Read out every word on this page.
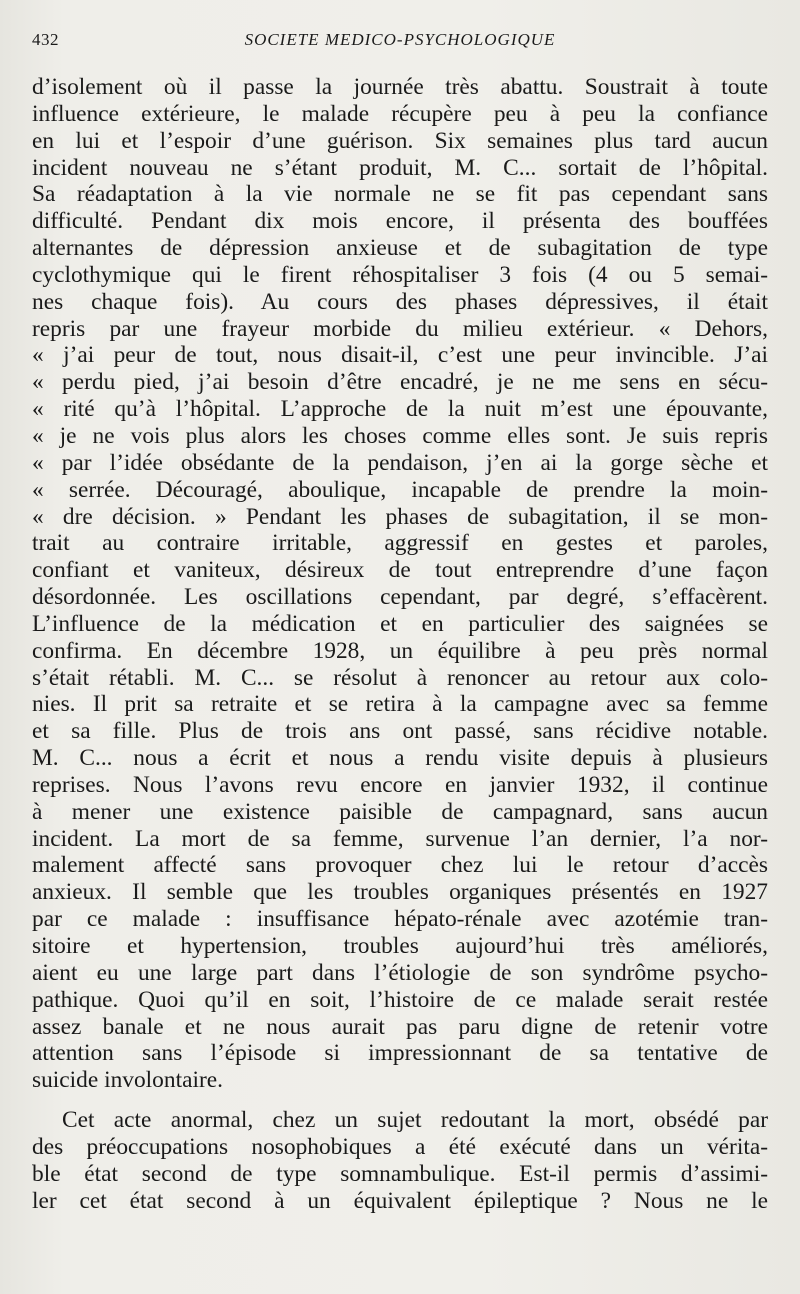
432	SOCIETE MEDICO-PSYCHOLOGIQUE
d’isolement où il passe la journée très abattu. Soustrait à toute
influence extérieure, le malade récupère peu à peu la confiance
en lui et l’espoir d’une guérison. Six semaines plus tard aucun
incident nouveau ne s’étant produit, M. C... sortait de l’hôpital.
Sa réadaptation à la vie normale ne se fit pas cependant sans
difficulté. Pendant dix mois encore, il présenta des bouffées
alternantes de dépression anxieuse et de subagitation de type
cyclothymique qui le firent réhospitaliser 3 fois (4 ou 5 semai-
nes chaque fois). Au cours des phases dépressives, il était
repris par une frayeur morbide du milieu extérieur. « Dehors,
« j’ai peur de tout, nous disait-il, c’est une peur invincible. J’ai
« perdu pied, j’ai besoin d’être encadré, je ne me sens en sécu-
« rité qu’à l’hôpital. L’approche de la nuit m’est une épouvante,
« je ne vois plus alors les choses comme elles sont. Je suis repris
« par l’idée obsédante de la pendaison, j’en ai la gorge sèche et
« serrée. Découragé, aboulique, incapable de prendre la moin-
« dre décision. » Pendant les phases de subagitation, il se mon-
trait au contraire irritable, aggressif en gestes et paroles,
confiant et vaniteux, désireux de tout entreprendre d’une façon
désordonnée. Les oscillations cependant, par degré, s’effacèrent.
L’influence de la médication et en particulier des saignées se
confirma. En décembre 1928, un équilibre à peu près normal
s’était rétabli. M. C... se résolut à renoncer au retour aux colo-
nies. Il prit sa retraite et se retira à la campagne avec sa femme
et sa fille. Plus de trois ans ont passé, sans récidive notable.
M. C... nous a écrit et nous a rendu visite depuis à plusieurs
reprises. Nous l’avons revu encore en janvier 1932, il continue
à mener une existence paisible de campagnard, sans aucun
incident. La mort de sa femme, survenue l’an dernier, l’a nor-
malement affecté sans provoquer chez lui le retour d’accès
anxieux. Il semble que les troubles organiques présentés en 1927
par ce malade : insuffisance hépato-rénale avec azotémie tran-
sitoire et hypertension, troubles aujourd’hui très améliorés,
aient eu une large part dans l’étiologie de son syndrôme psycho-
pathique. Quoi qu’il en soit, l’histoire de ce malade serait restée
assez banale et ne nous aurait pas paru digne de retenir votre
attention sans l’épisode si impressionnant de sa tentative de
suicide involontaire.
Cet acte anormal, chez un sujet redoutant la mort, obsédé par
des préoccupations nosophobiques a été exécuté dans un vérita-
ble état second de type somnambulique. Est-il permis d’assimi-
ler cet état second à un équivalent épileptique ? Nous ne le
